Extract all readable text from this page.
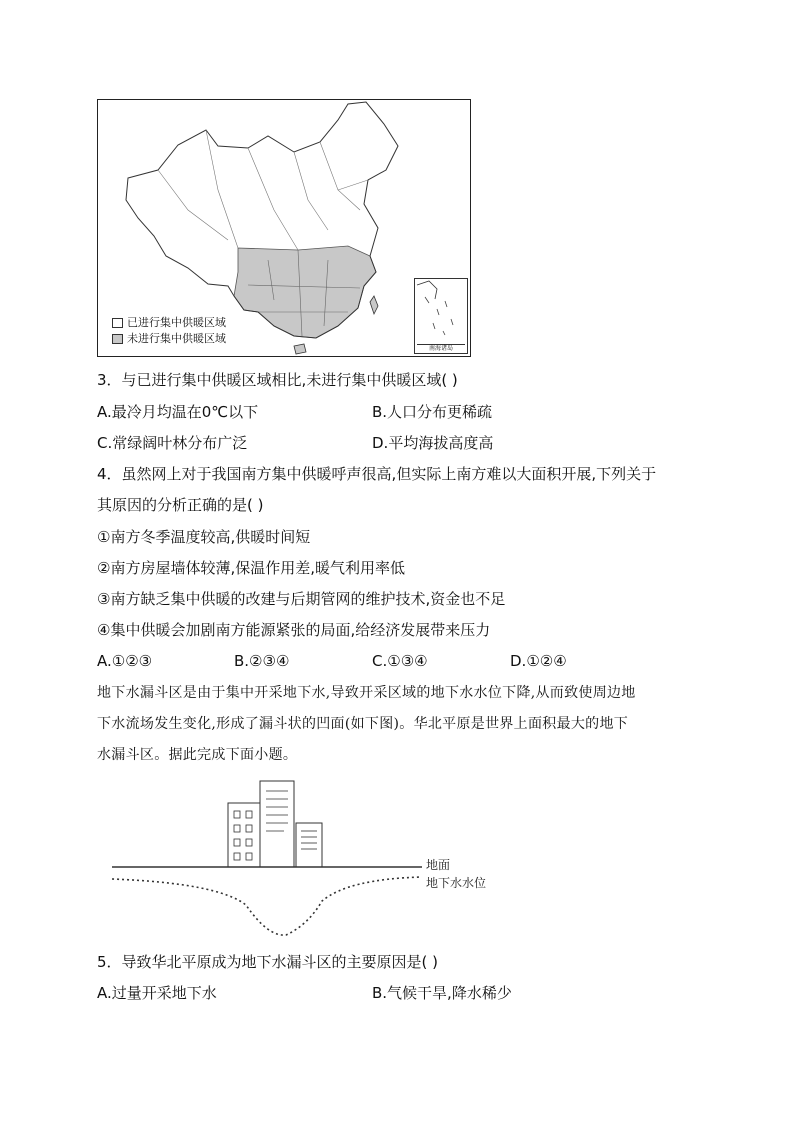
南海诸岛
已进行集中供暖区域
未进行集中供暖区域
3．与已进行集中供暖区域相比,未进行集中供暖区域( )
A.最冷月均温在0℃以下	B.人口分布更稀疏
C.常绿阔叶林分布广泛	D.平均海拔高度高
4．虽然网上对于我国南方集中供暖呼声很高,但实际上南方难以大面积开展,下列关于
其原因的分析正确的是( )
①南方冬季温度较高,供暖时间短
②南方房屋墙体较薄,保温作用差,暖气利用率低
③南方缺乏集中供暖的改建与后期管网的维护技术,资金也不足
④集中供暖会加剧南方能源紧张的局面,给经济发展带来压力
A.①②③	B.②③④	C.①③④	D.①②④
地下水漏斗区是由于集中开采地下水,导致开采区域的地下水水位下降,从而致使周边地
下水流场发生变化,形成了漏斗状的凹面(如下图)。华北平原是世界上面积最大的地下
水漏斗区。据此完成下面小题。
地面
地下水水位
5．导致华北平原成为地下水漏斗区的主要原因是( )
A.过量开采地下水	B.气候干旱,降水稀少
